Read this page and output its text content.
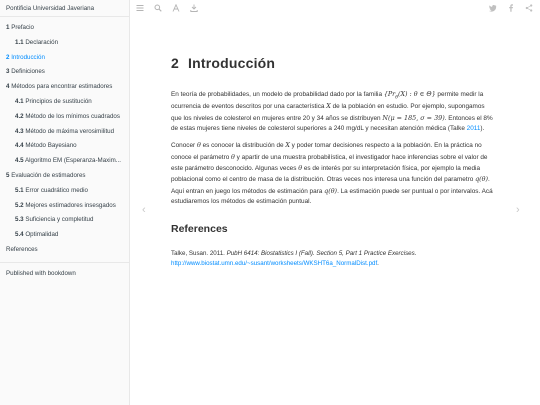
Pontificia Universidad Javeriana
1 Prefacio
1.1 Declaración
2 Introducción
3 Definiciones
4 Métodos para encontrar estimadores
4.1 Principios de sustitución
4.2 Método de los mínimos cuadrados
4.3 Método de máxima verosimilitud
4.4 Método Bayesiano
4.5 Algoritmo EM (Esperanza-Maxim...
5 Evaluación de estimadores
5.1 Error cuadrático medio
5.2 Mejores estimadores insesgados
5.3 Suficiencia y completitud
5.4 Optimalidad
References
Published with bookdown
‹	›
2 Introducción

En teoría de probabilidades, un modelo de probabilidad dado por la familia {$Pr_\theta(X)$ : θ ∈ Θ} permite medir la ocurrencia de eventos descritos por una característica X de la población en estudio. Por ejemplo, supongamos que los niveles de colesterol en mujeres entre 20 y 34 años se distribuyen N(μ = 185, σ = 39). Entonces el 8% de estas mujeres tiene niveles de colesterol superiores a 240 mg/dL y necesitan atención médica (Talke 2011).

Conocer θ es conocer la distribución de X y poder tomar decisiones respecto a la población. En la práctica no conoce el parámetro θ y apartir de una muestra probabilística, el investigador hace inferencias sobre el valor de este parámetro desconocido. Algunas veces θ es de interés por su interpretación física, por ejemplo la media poblacional como el centro de masa de la distribución. Otras veces nos interesa una función del parametro q(θ). Aquí entran en juego los métodos de estimación para q(θ). La estimación puede ser puntual o por intervalos. Acá estudiaremos los métodos de estimación puntual.

References
Talke, Susan. 2011. PubH 6414: Biostatistics I (Fall). Section 5, Part 1 Practice Exercises. http://www.biostat.umn.edu/~susant/worksheets/WKSHT6a_NormalDist.pdf.
